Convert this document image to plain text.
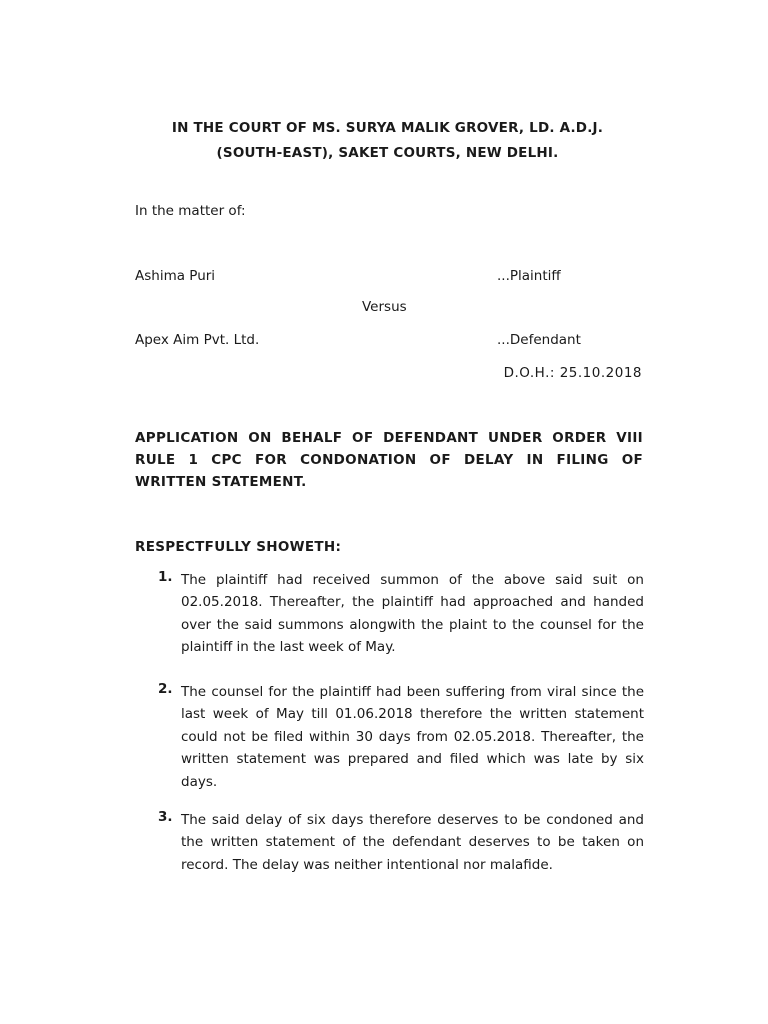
IN THE COURT OF MS. SURYA MALIK GROVER, LD. A.D.J.
(SOUTH-EAST), SAKET COURTS, NEW DELHI.
In the matter of:
Ashima Puri	...Plaintiff
Versus
Apex Aim Pvt. Ltd.	...Defendant
D.O.H.: 25.10.2018
APPLICATION ON BEHALF OF DEFENDANT UNDER ORDER VIII RULE 1 CPC FOR CONDONATION OF DELAY IN FILING OF WRITTEN STATEMENT.
RESPECTFULLY SHOWETH:
1. The plaintiff had received summon of the above said suit on 02.05.2018. Thereafter, the plaintiff had approached and handed over the said summons alongwith the plaint to the counsel for the plaintiff in the last week of May.
2. The counsel for the plaintiff had been suffering from viral since the last week of May till 01.06.2018 therefore the written statement could not be filed within 30 days from 02.05.2018. Thereafter, the written statement was prepared and filed which was late by six days.
3. The said delay of six days therefore deserves to be condoned and the written statement of the defendant deserves to be taken on record. The delay was neither intentional nor malafide.
